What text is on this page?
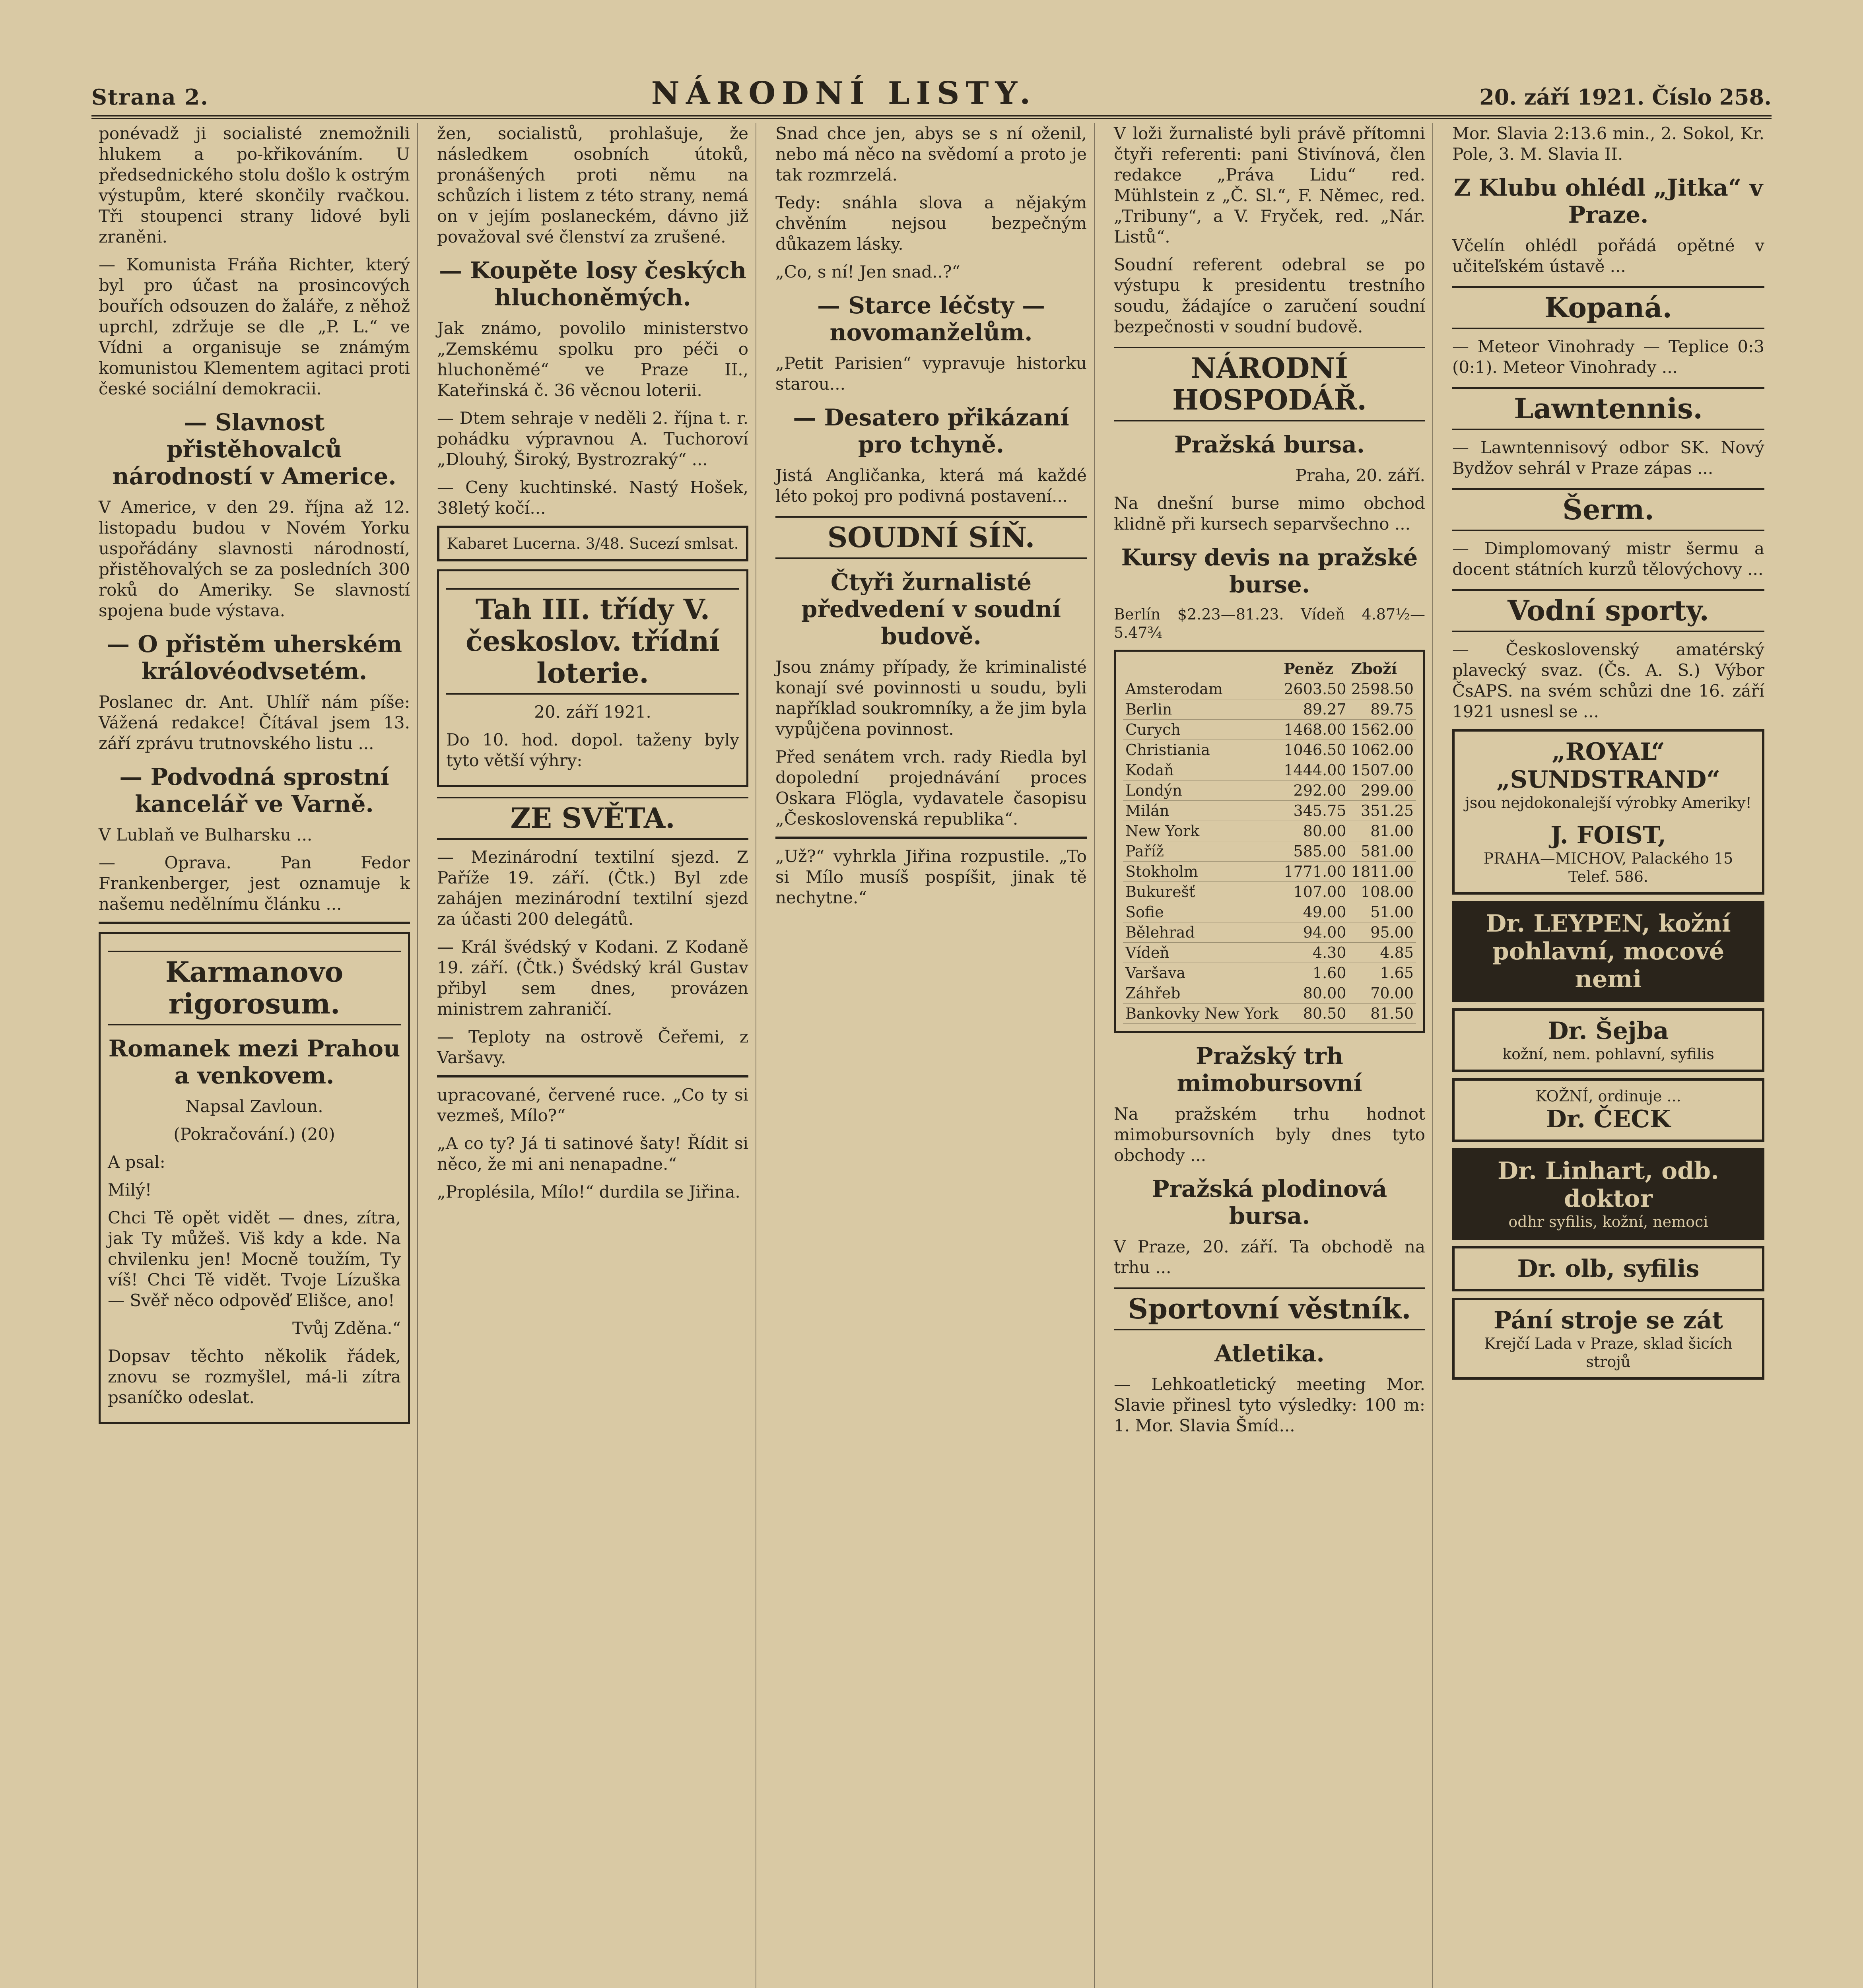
Strana 2.	NÁRODNÍ LISTY.	20. září 1921. Číslo 258.

ponévadž ji socialisté znemožnili hlukem a po-křikováním. U předsednického stolu došlo k ostrým výstupům, které skončily rvačkou. Tři stoupenci strany lidové byli zraněni.

— Komunista Fráňa Richter, který byl pro účast na prosincových bouřích odsouzen do žaláře, z něhož uprchl, zdržuje se dle „P. L.“ ve Vídni a organisuje se známým komunistou Klementem agitaci proti české sociální demokracii.

— Slavnost přistěhovalců národností v Americe.

V Americe, v den 29. října až 12. listopadu budou v Novém Yorku uspořádány slavnosti národností, přistěhovalých se za posledních 300 roků do Ameriky. Se slavností spojena bude výstava.

— O přistěm uherském královéodvsetém.

Poslanec dr. Ant. Uhlíř nám píše: Vážená redakce! Čítával jsem 13. září zprávu trutnovského listu ...

— Podvodná sprostní kancelář ve Varně.

V Lublaň ve Bulharsku ...

— Oprava. Pan Fedor Frankenberger, jest oznamuje k našemu nedělnímu článku ...

Karmanovo rigorosum.
Romanek mezi Prahou a venkovem.

Napsal Zavloun.

(Pokračování.) (20)

A psal:

Milý!

Chci Tě opět vidět — dnes, zítra, jak Ty můžeš. Viš kdy a kde. Na chvilenku jen! Mocně toužím, Ty víš! Chci Tě vidět. Tvoje Lízuška — Svěř něco odpověď Elišce, ano!

Tvůj Zděna.“

Dopsav těchto několik řádek, znovu se rozmyšlel, má-li zítra psaníčko odeslat.

žen, socialistů, prohlašuje, že následkem osobních útoků, pronášených proti němu na schůzích i listem z této strany, nemá on v jejím poslaneckém, dávno již považoval své členství za zrušené.

— Koupěte losy českých hluchoněmých.

Jak známo, povolilo ministerstvo „Zemskému spolku pro péči o hluchoněmé“ ve Praze II., Kateřinská č. 36 věcnou loterii.

— Dtem sehraje v neděli 2. října t. r. pohádku výpravnou A. Tuchoroví „Dlouhý, Široký, Bystrozraký“ ...

— Ceny kuchtinské. Nastý Hošek, 38letý kočí...

Kabaret Lucerna. 3/48. Sucezí smlsat.
Tah III. třídy V. českoslov. třídní loterie.

20. září 1921.

Do 10. hod. dopol. taženy byly tyto větší výhry:

ZE SVĚTA.

— Mezinárodní textilní sjezd. Z Paříže 19. září. (Čtk.) Byl zde zahájen mezinárodní textilní sjezd za účasti 200 delegátů.

— Král švédský v Kodani. Z Kodaně 19. září. (Čtk.) Švédský král Gustav přibyl sem dnes, provázen ministrem zahraničí.

— Teploty na ostrově Čeřemi, z Varšavy.

upracované, červené ruce. „Co ty si vezmeš, Mílo?“

„A co ty? Já ti satinové šaty! Řídit si něco, že mi ani nenapadne.“

„Proplésila, Mílo!“ durdila se Jiřina.

Snad chce jen, abys se s ní oženil, nebo má něco na svědomí a proto je tak rozmrzelá.

Tedy: snáhla slova a nějakým chvěním nejsou bezpečným důkazem lásky.

„Co, s ní! Jen snad..?“

— Starce léčsty — novomanželům.

„Petit Parisien“ vypravuje historku starou...

— Desatero přikázaní pro tchyně.

Jistá Angličanka, která má každé léto pokoj pro podivná postavení...

SOUDNÍ SÍŇ.
Čtyři žurnalisté předvedení v soudní budově.

Jsou známy případy, že kriminalisté konají své povinnosti u soudu, byli například soukromníky, a že jim byla vypůjčena povinnost.

Před senátem vrch. rady Riedla byl dopolední projednávání proces Oskara Flögla, vydavatele časopisu „Československá republika“.

„Už?“ vyhrkla Jiřina rozpustile. „To si Mílo musíš pospíšit, jinak tě nechytne.“

V loži žurnalisté byli právě přítomni čtyři referenti: pani Stivínová, člen redakce „Práva Lidu“ red. Mühlstein z „Č. Sl.“, F. Němec, red. „Tribuny“, a V. Fryček, red. „Nár. Listů“.

Soudní referent odebral se po výstupu k presidentu trestního soudu, žádajíce o zaručení soudní bezpečnosti v soudní budově.

NÁRODNÍ HOSPODÁŘ.
Pražská bursa.

Praha, 20. září.

Na dnešní burse mimo obchod klidně při kursech separvšechno ...

Kursy devis na pražské burse.

Berlín $2.23—81.23. Vídeň 4.87½—5.47¾

	Peněz	Zboží
Amsterodam	2603.50	2598.50
Berlin	89.27	89.75
Curych	1468.00	1562.00
Christiania	1046.50	1062.00
Kodaň	1444.00	1507.00
Londýn	292.00	299.00
Milán	345.75	351.25
New York	80.00	81.00
Paříž	585.00	581.00
Stokholm	1771.00	1811.00
Bukurešť	107.00	108.00
Sofie	49.00	51.00
Bělehrad	94.00	95.00
Vídeň	4.30	4.85
Varšava	1.60	1.65
Záhřeb	80.00	70.00
Bankovky New York	80.50	81.50
Pražský trh mimobursovní

Na pražském trhu hodnot mimobursovních byly dnes tyto obchody ...

Pražská plodinová bursa.

V Praze, 20. září. Ta obchodě na trhu ...

Sportovní věstník.
Atletika.

— Lehkoatletický meeting Mor. Slavie přinesl tyto výsledky: 100 m: 1. Mor. Slavia Šmíd...

Mor. Slavia 2:13.6 min., 2. Sokol, Kr. Pole, 3. M. Slavia II.

Z Klubu ohlédl „Jitka“ v Praze.

Včelín ohlédl pořádá opětné v učiteľském ústavě ...

Kopaná.

— Meteor Vinohrady — Teplice 0:3 (0:1). Meteor Vinohrady ...

Lawntennis.

— Lawntennisový odbor SK. Nový Bydžov sehrál v Praze zápas ...

Šerm.

— Dimplomovaný mistr šermu a docent státních kurzů tělovýchovy ...

Vodní sporty.

— Československý amatérský plavecký svaz. (Čs. A. S.) Výbor ČsAPS. na svém schůzi dne 16. září 1921 usnesl se ...

„ROYAL“
„SUNDSTRAND“
jsou nejdokonalejší výrobky Ameriky!
J. FOIST,
PRAHA—MICHOV, Palackého 15 Telef. 586.
Dr. LEYPEN, kožní pohlavní, mocové nemi
Dr. Šejba
kožní, nem. pohlavní, syfilis
KOŽNÍ, ordinuje ...
Dr. ČECK
Dr. Linhart, odb. doktor
odhr syfilis, kožní, nemoci
Dr. olb, syfilis
Pání stroje se zát
Krejčí Lada v Praze, sklad šicích strojů
